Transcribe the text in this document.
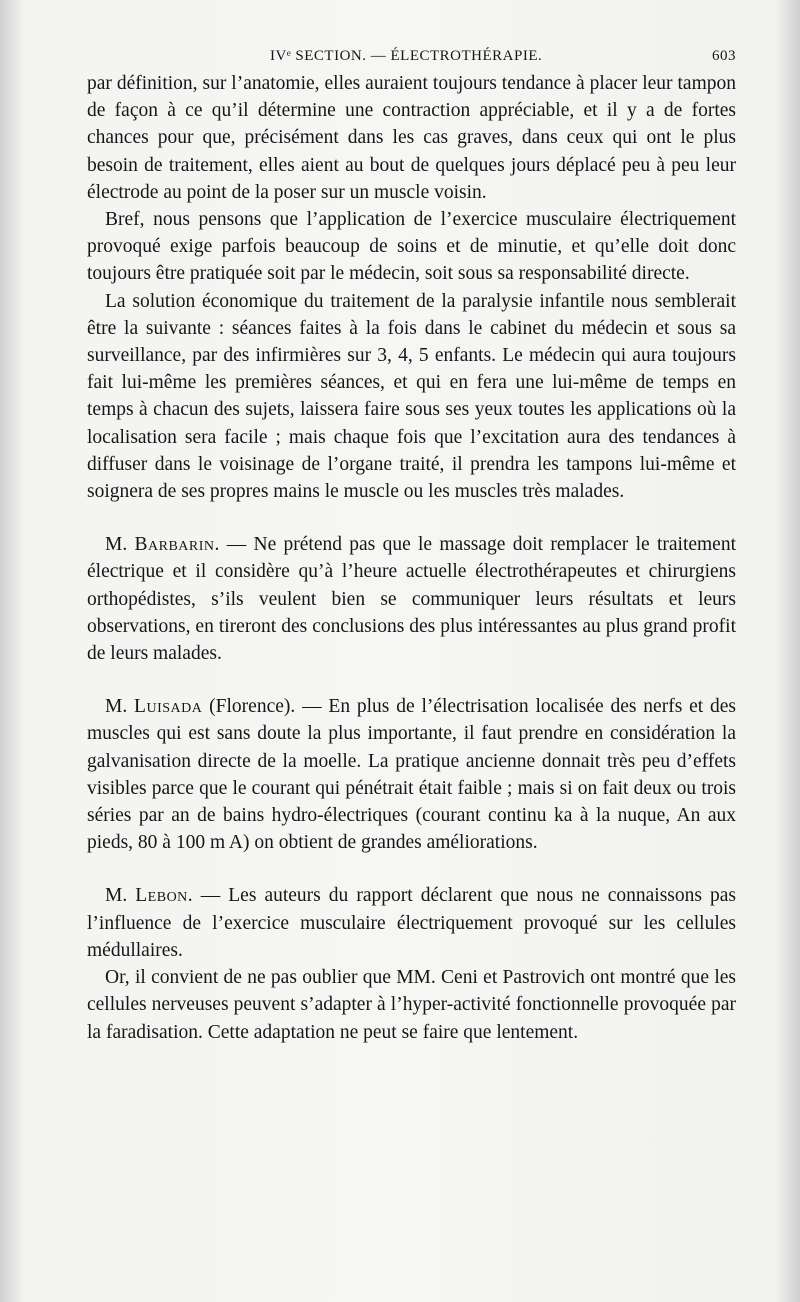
IVᵉ SECTION. — ÉLECTROTHÉRAPIE.	603

par définition, sur l’anatomie, elles auraient toujours tendance à placer leur tampon de façon à ce qu’il détermine une contraction appréciable, et il y a de fortes chances pour que, précisément dans les cas graves, dans ceux qui ont le plus besoin de traitement, elles aient au bout de quelques jours déplacé peu à peu leur électrode au point de la poser sur un muscle voisin.

Bref, nous pensons que l’application de l’exercice musculaire électriquement provoqué exige parfois beaucoup de soins et de minutie, et qu’elle doit donc toujours être pratiquée soit par le médecin, soit sous sa responsabilité directe.

La solution économique du traitement de la paralysie infantile nous semblerait être la suivante : séances faites à la fois dans le cabinet du médecin et sous sa surveillance, par des infirmières sur 3, 4, 5 enfants. Le médecin qui aura toujours fait lui-même les premières séances, et qui en fera une lui-même de temps en temps à chacun des sujets, laissera faire sous ses yeux toutes les applications où la localisation sera facile ; mais chaque fois que l’excitation aura des tendances à diffuser dans le voisinage de l’organe traité, il prendra les tampons lui-même et soignera de ses propres mains le muscle ou les muscles très malades.

M. Barbarin. — Ne prétend pas que le massage doit remplacer le traitement électrique et il considère qu’à l’heure actuelle électrothérapeutes et chirurgiens orthopédistes, s’ils veulent bien se communiquer leurs résultats et leurs observations, en tireront des conclusions des plus intéressantes au plus grand profit de leurs malades.

M. Luisada (Florence). — En plus de l’électrisation localisée des nerfs et des muscles qui est sans doute la plus importante, il faut prendre en considération la galvanisation directe de la moelle. La pratique ancienne donnait très peu d’effets visibles parce que le courant qui pénétrait était faible ; mais si on fait deux ou trois séries par an de bains hydro-électriques (courant continu ka à la nuque, An aux pieds, 80 à 100 m A) on obtient de grandes améliorations.

M. Lebon. — Les auteurs du rapport déclarent que nous ne connaissons pas l’influence de l’exercice musculaire électriquement provoqué sur les cellules médullaires.

Or, il convient de ne pas oublier que MM. Ceni et Pastrovich ont montré que les cellules nerveuses peuvent s’adapter à l’hyper-activité fonctionnelle provoquée par la faradisation. Cette adaptation ne peut se faire que lentement.
